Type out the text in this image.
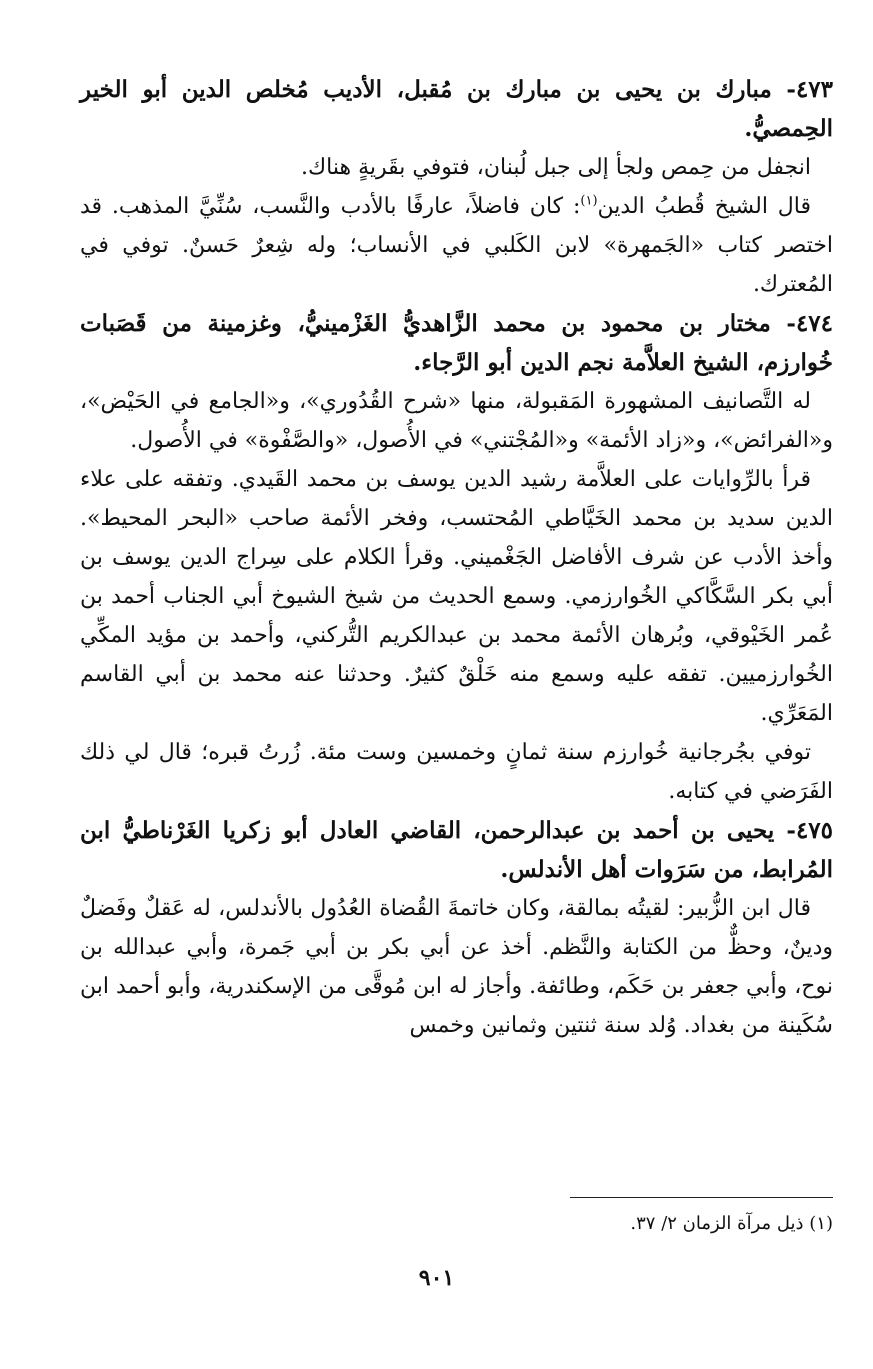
٤٧٣- مبارك بن يحيى بن مبارك بن مُقبل، الأديب مُخلص الدين أبو الخير الحِمصيُّ.

انجفل من حِمص ولجأ إلى جبل لُبنان، فتوفي بقَريةٍ هناك.

قال الشيخ قُطبُ الدين$^{(١)}$: كان فاضلاً، عارفًا بالأدب والنَّسب، سُنِّيَّ المذهب. قد اختصر كتاب «الجَمهرة» لابن الكَلبي في الأنساب؛ وله شِعرٌ حَسنٌ. توفي في المُعترك.

٤٧٤- مختار بن محمود بن محمد الزَّاهديُّ الغَزْمينيُّ، وغزمينة من قَصَبات خُوارزم، الشيخ العلاَّمة نجم الدين أبو الرَّجاء.

له التَّصانيف المشهورة المَقبولة، منها «شرح القُدُوري»، و«الجامع في الحَيْض»، و«الفرائض»، و«زاد الأئمة» و«المُجْتني» في الأُصول، «والصَّفْوة» في الأُصول.

قرأ بالرِّوايات على العلاَّمة رشيد الدين يوسف بن محمد القَيدي. وتفقه على علاء الدين سديد بن محمد الخَيَّاطي المُحتسب، وفخر الأئمة صاحب «البحر المحيط». وأخذ الأدب عن شرف الأفاضل الجَغْميني. وقرأ الكلام على سِراج الدين يوسف بن أبي بكر السَّكَّاكي الخُوارزمي. وسمع الحديث من شيخ الشيوخ أبي الجناب أحمد بن عُمر الخَيْوقي، وبُرهان الأئمة محمد بن عبدالكريم التُّركني، وأحمد بن مؤيد المكِّي الخُوارزميين. تفقه عليه وسمع منه خَلْقٌ كثيرٌ. وحدثنا عنه محمد بن أبي القاسم المَعَرِّي.

توفي بجُرجانية خُوارزم سنة ثمانٍ وخمسين وست مئة. زُرتُ قبره؛ قال لي ذلك الفَرَضي في كتابه.

٤٧٥- يحيى بن أحمد بن عبدالرحمن، القاضي العادل أبو زكريا الغَرْناطيُّ ابن المُرابط، من سَرَوات أهل الأندلس.

قال ابن الزُّبير: لقيتُه بمالقة، وكان خاتمةَ القُضاة العُدُول بالأندلس، له عَقلٌ وفَضلٌ ودينٌ، وحظٌّ من الكتابة والنَّظم. أخذ عن أبي بكر بن أبي جَمرة، وأبي عبدالله بن نوح، وأبي جعفر بن حَكَم، وطائفة. وأجاز له ابن مُوقَّى من الإسكندرية، وأبو أحمد ابن سُكَينة من بغداد. وُلد سنة ثنتين وثمانين وخمس

(١) ذيل مرآة الزمان ٢/ ٣٧.
٩٠١
